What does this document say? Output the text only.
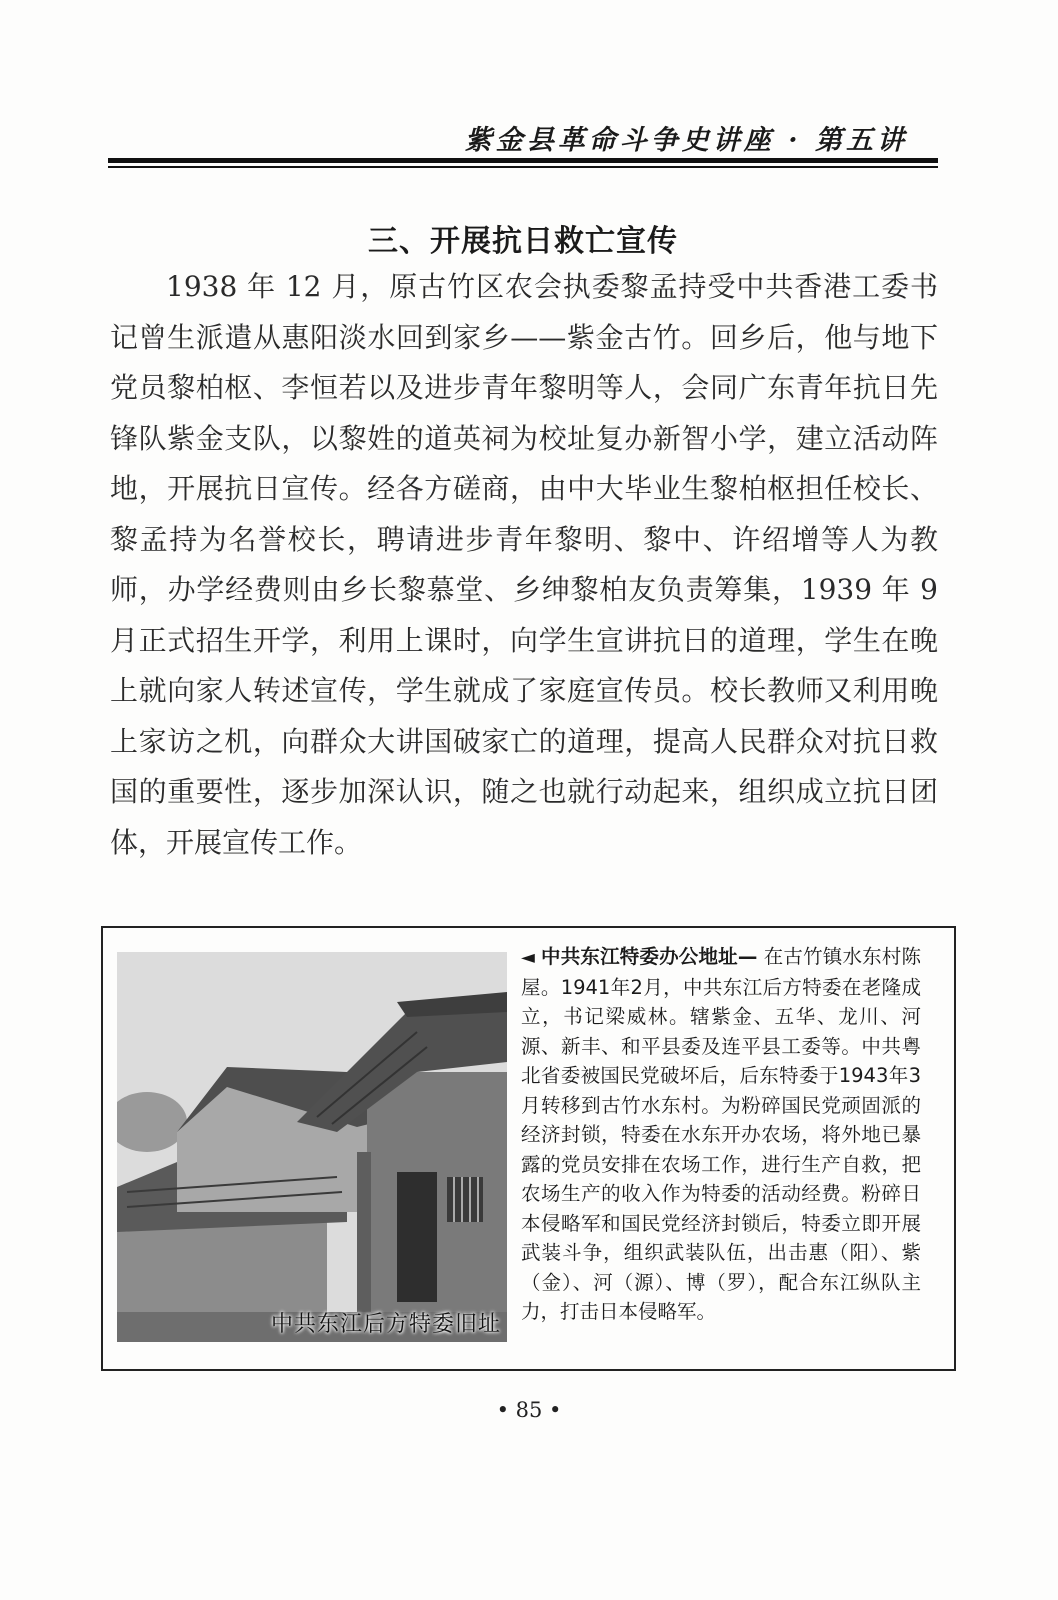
紫金县革命斗争史讲座 · 第五讲
三、开展抗日救亡宣传

1938 年 12 月，原古竹区农会执委黎孟持受中共香港工委书记曾生派遣从惠阳淡水回到家乡——紫金古竹。回乡后，他与地下党员黎柏枢、李恒若以及进步青年黎明等人，会同广东青年抗日先锋队紫金支队，以黎姓的道英祠为校址复办新智小学，建立活动阵地，开展抗日宣传。经各方磋商，由中大毕业生黎柏枢担任校长、黎孟持为名誉校长，聘请进步青年黎明、黎中、许绍增等人为教师，办学经费则由乡长黎慕堂、乡绅黎柏友负责筹集，1939 年 9 月正式招生开学，利用上课时，向学生宣讲抗日的道理，学生在晚上就向家人转述宣传，学生就成了家庭宣传员。校长教师又利用晚上家访之机，向群众大讲国破家亡的道理，提高人民群众对抗日救国的重要性，逐步加深认识，随之也就行动起来，组织成立抗日团体，开展宣传工作。

中共东江后方特委旧址

◄ 中共东江特委办公地址— 在古竹镇水东村陈屋。1941年2月，中共东江后方特委在老隆成立，书记梁威林。辖紫金、五华、龙川、河源、新丰、和平县委及连平县工委等。中共粤北省委被国民党破坏后，后东特委于1943年3月转移到古竹水东村。为粉碎国民党顽固派的经济封锁，特委在水东开办农场，将外地已暴露的党员安排在农场工作，进行生产自救，把农场生产的收入作为特委的活动经费。粉碎日本侵略军和国民党经济封锁后，特委立即开展武装斗争，组织武装队伍，出击惠（阳）、紫（金）、河（源）、博（罗），配合东江纵队主力，打击日本侵略军。

• 85 •
